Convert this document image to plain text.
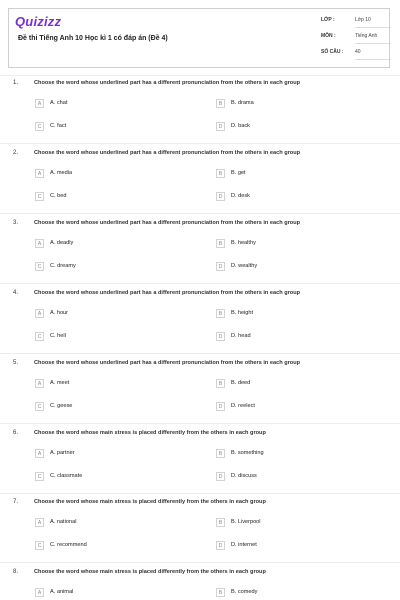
Quizizz
Đề thi Tiếng Anh 10 Học kì 1 có đáp án (Đề 4)
LỚP :	Lớp 10
MÔN :	Tiếng Anh
SỐ CÂU : 40
1.	Choose the word whose underlined part has a different pronunciation from the others in each group
A	A. chat	B	B. drama
C	C. fact	D	D. back
2.	Choose the word whose underlined part has a different pronunciation from the others in each group
A	A. media	B	B. get
C	C. bed	D	D. desk
3.	Choose the word whose underlined part has a different pronunciation from the others in each group
A	A. deadly	B	B. healthy
C	C. dreamy	D	D. wealthy
4.	Choose the word whose underlined part has a different pronunciation from the others in each group
A	A. hour	B	B. height
C	C. hell	D	D. head
5.	Choose the word whose underlined part has a different pronunciation from the others in each group
A	A. meet	B	B. deed
C	C. geese	D	D. reelect
6.	Choose the word whose main stress is placed differently from the others in each group
A	A. partner	B	B. something
C	C. classmate	D	D. discuss
7.	Choose the word whose main stress is placed differently from the others in each group
A	A. national	B	B. Liverpool
C	C. recommend	D	D. internet
8.	Choose the word whose main stress is placed differently from the others in each group
A	A. animal	B	B. comedy
